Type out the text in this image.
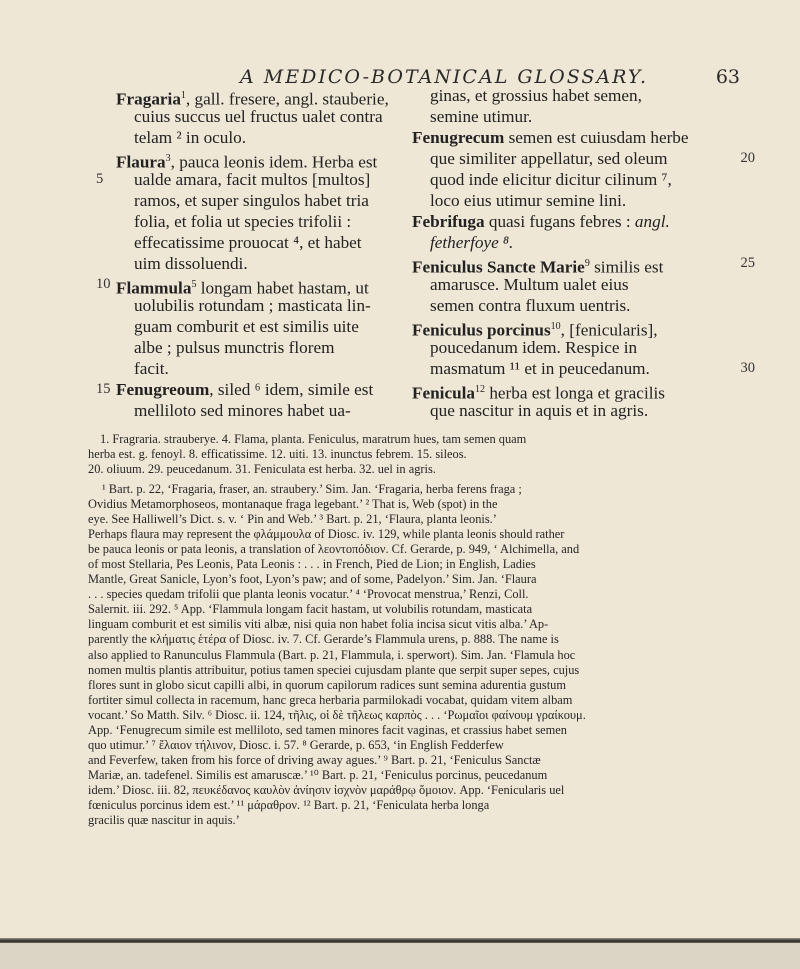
A MEDICO-BOTANICAL GLOSSARY.	63
Fragaria$^1$, gall. fresere, angl. stauberie,
cuius succus uel fructus ualet contra
telam ² in oculo.
Flaura$^3$, pauca leonis idem. Herba est
ualde amara, facit multos [multos]
5
ramos, et super singulos habet tria
folia, et folia ut species trifolii :
effecatissime prouocat ⁴, et habet
uim dissoluendi.
Flammula$^5$ longam habet hastam, ut
10
uolubilis rotundam ; masticata lin-
guam comburit et est similis uite
albe ; pulsus munctris florem
facit.
Fenugreoum, siled ⁶ idem, simile est
15
melliloto sed minores habet ua-
ginas, et grossius habet semen,
semine utimur.
Fenugrecum semen est cuiusdam herbe
que similiter appellatur, sed oleum	20
quod inde elicitur dicitur cilinum ⁷,
loco eius utimur semine lini.
Febrifuga quasi fugans febres : angl.
fetherfoye ⁸.
Feniculus Sancte Marie$^9$ similis est	25
amarusce. Multum ualet eius
semen contra fluxum uentris.
Feniculus porcinus$^{10}$, [fenicularis],
poucedanum idem. Respice in
masmatum ¹¹ et in peucedanum.	30
Fenicula$^{12}$ herba est longa et gracilis
que nascitur in aquis et in agris.
1. Fragraria. strauberye. 4. Flama, planta. Feniculus, maratrum hues, tam semen quam
herba est. g. fenoyl. 8. efficatissime. 12. uiti. 13. inunctus febrem. 15. sileos.
20. oliuum. 29. peucedanum. 31. Feniculata est herba. 32. uel in agris.
¹ Bart. p. 22, ‘Fragaria, fraser, an. straubery.’ Sim. Jan. ‘Fragaria, herba ferens fraga ;
Ovidius Metamorphoseos, montanaque fraga legebant.’ ² That is, Web (spot) in the
eye. See Halliwell’s Dict. s. v. ‘ Pin and Web.’ ³ Bart. p. 21, ‘Flaura, planta leonis.’
Perhaps flaura may represent the φλάμμουλα of Diosc. iv. 129, while planta leonis should rather
be pauca leonis or pata leonis, a translation of λεοντοπόδιον. Cf. Gerarde, p. 949, ‘ Alchimella, and
of most Stellaria, Pes Leonis, Pata Leonis : . . . in French, Pied de Lion; in English, Ladies
Mantle, Great Sanicle, Lyon’s foot, Lyon’s paw; and of some, Padelyon.’ Sim. Jan. ‘Flaura
. . . species quedam trifolii que planta leonis vocatur.’ ⁴ ‘Provocat menstrua,’ Renzi, Coll.
Salernit. iii. 292. ⁵ App. ‘Flammula longam facit hastam, ut volubilis rotundam, masticata
linguam comburit et est similis viti albæ, nisi quia non habet folia incisa sicut vitis alba.’ Ap-
parently the κλήματις ἑτέρα of Diosc. iv. 7. Cf. Gerarde’s Flammula urens, p. 888. The name is
also applied to Ranunculus Flammula (Bart. p. 21, Flammula, i. sperwort). Sim. Jan. ‘Flamula hoc
nomen multis plantis attribuitur, potius tamen speciei cujusdam plante que serpit super sepes, cujus
flores sunt in globo sicut capilli albi, in quorum capilorum radices sunt semina adurentia gustum
fortiter simul collecta in racemum, hanc greca herbaria parmilokadi vocabat, quidam vitem albam
vocant.’ So Matth. Silv. ⁶ Diosc. ii. 124, τῆλις, οἱ δὲ τῆλεως καρπὸς . . . ‘Ρωμαῖοι φαίνουμ γραίκουμ.
App. ‘Fenugrecum simile est melliloto, sed tamen minores facit vaginas, et crassius habet semen
quo utimur.’ ⁷ ἔλαιον τήλινον, Diosc. i. 57. ⁸ Gerarde, p. 653, ‘in English Fedderfew
and Feverfew, taken from his force of driving away agues.’ ⁹ Bart. p. 21, ‘Feniculus Sanctæ
Mariæ, an. tadefenel. Similis est amaruscæ.’ ¹⁰ Bart. p. 21, ‘Feniculus porcinus, peucedanum
idem.’ Diosc. iii. 82, πευκέδανος καυλὸν ἀνίησιν ἰσχνὸν μαράθρῳ ὅμοιον. App. ‘Fenicularis uel
fœniculus porcinus idem est.’ ¹¹ μάραθρον. ¹² Bart. p. 21, ‘Feniculata herba longa
gracilis quæ nascitur in aquis.’
